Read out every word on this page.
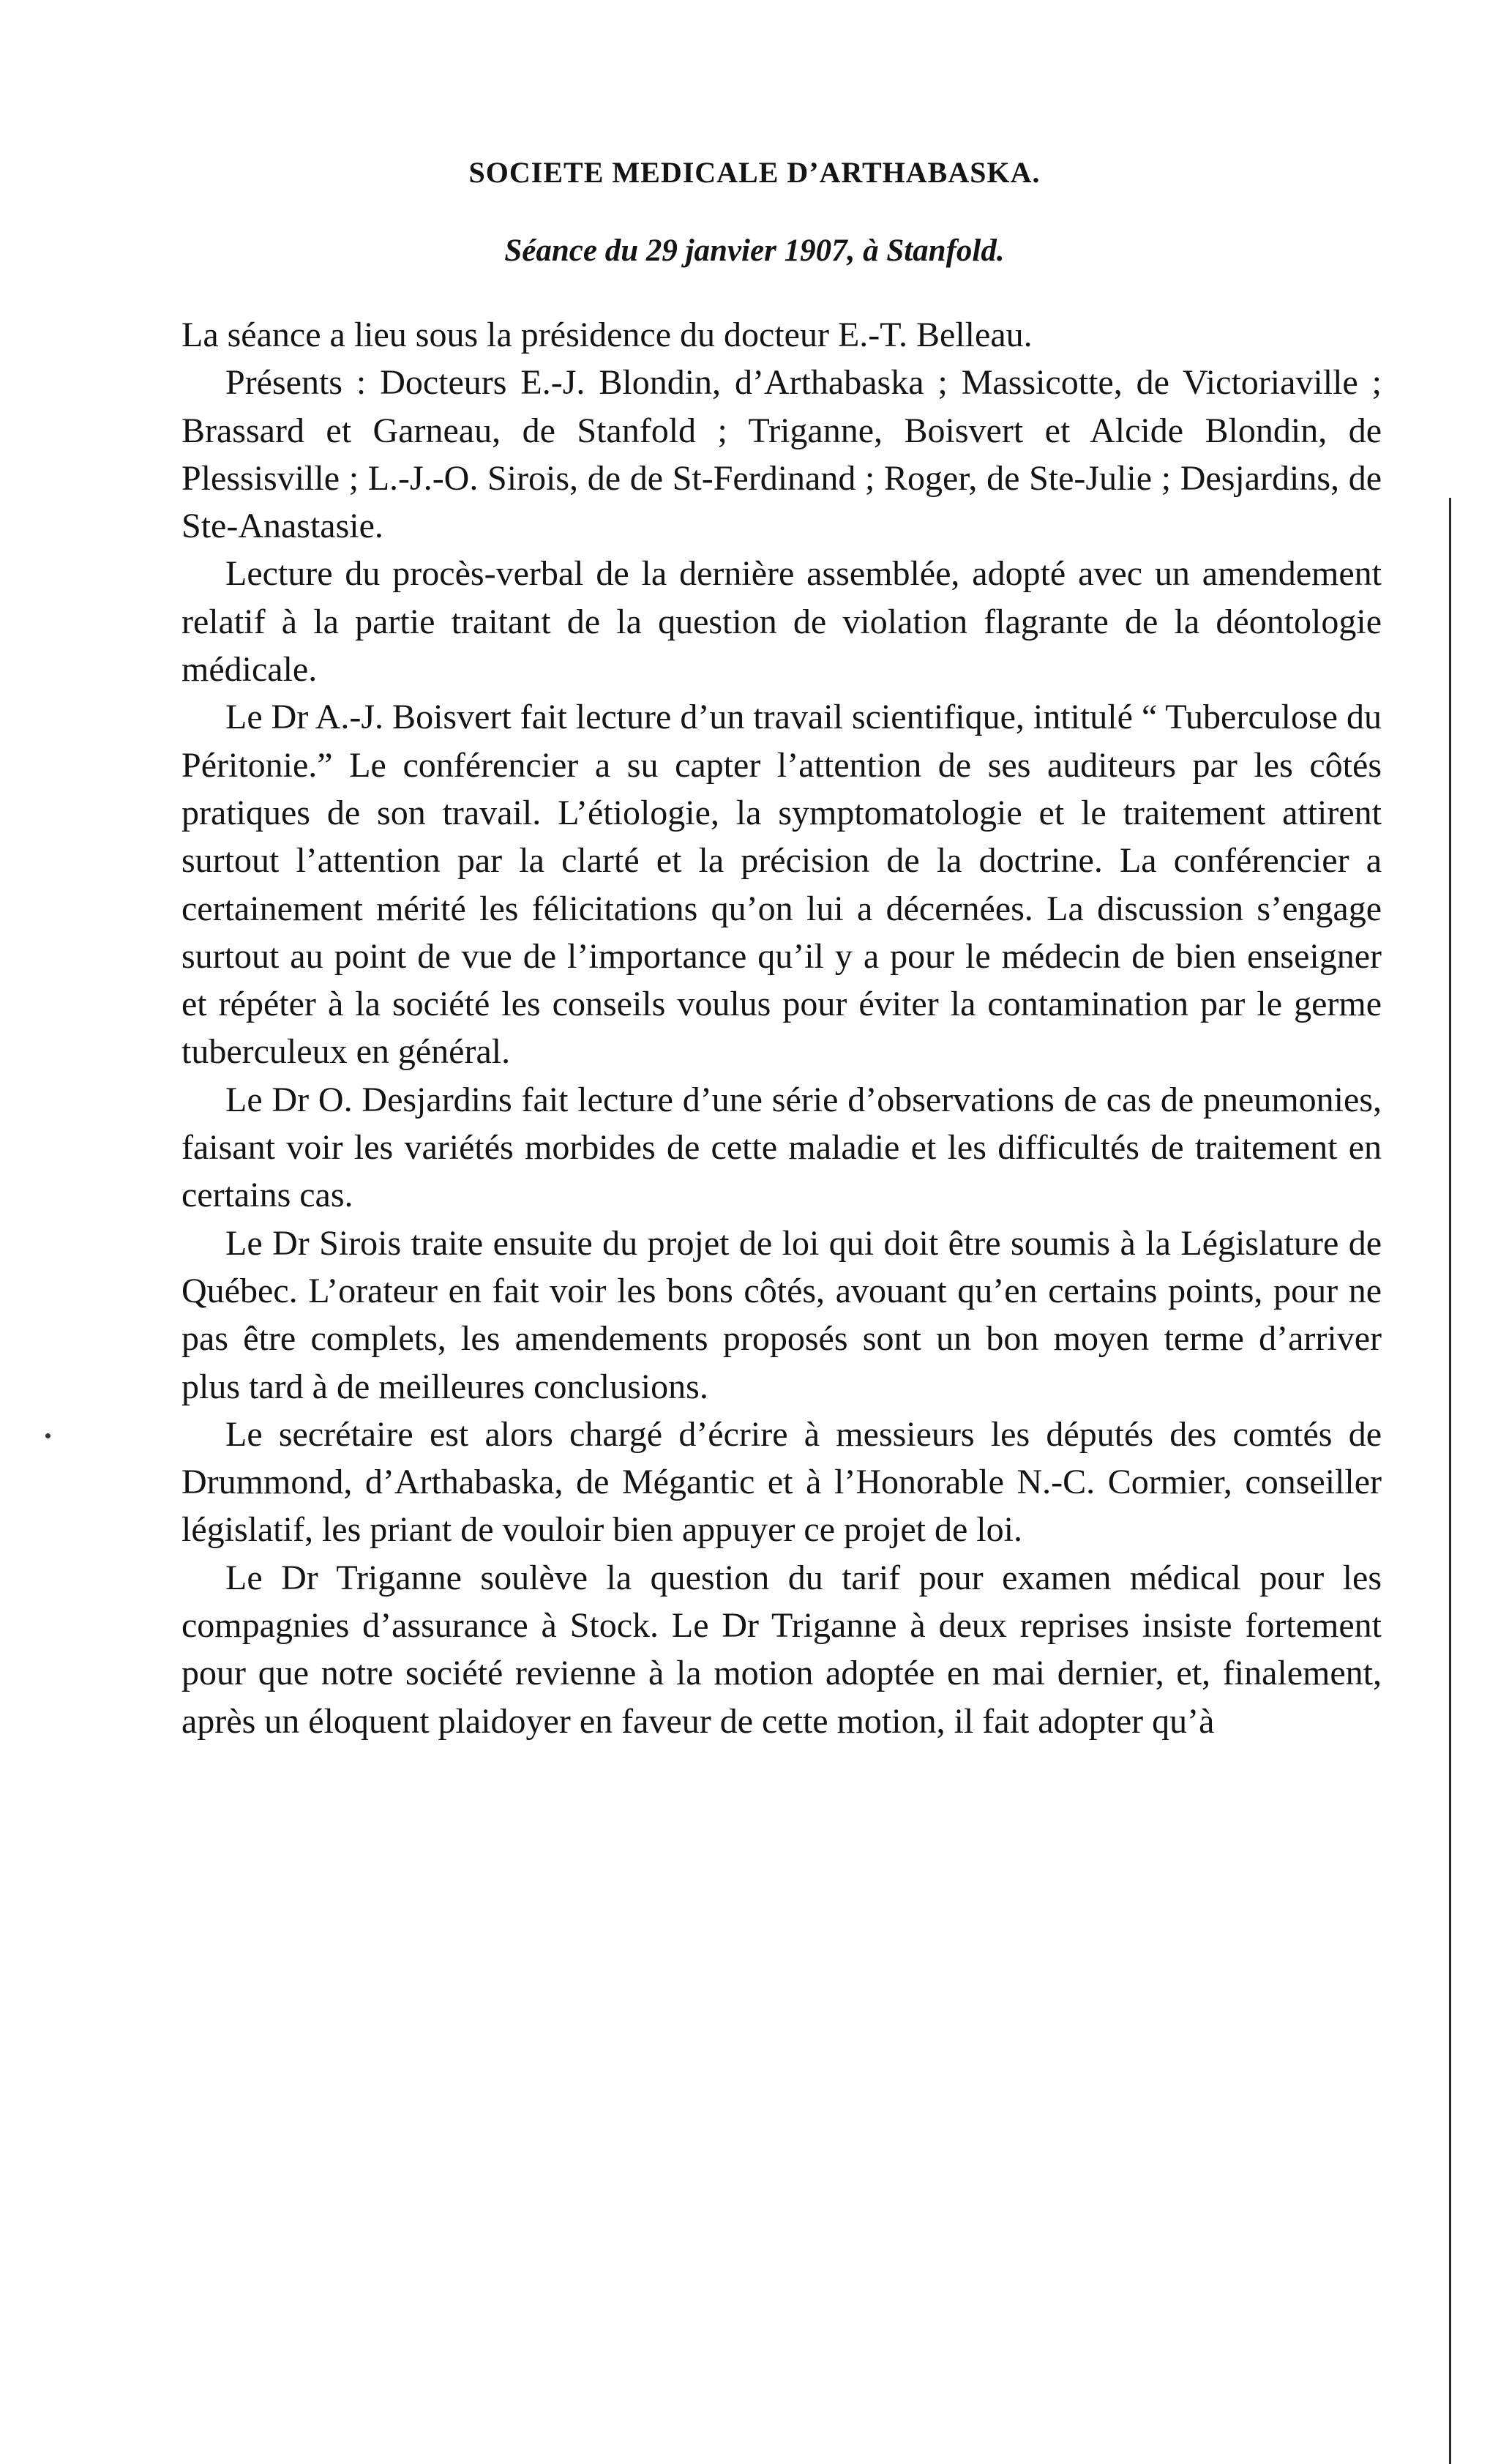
SOCIETE MEDICALE D’ARTHABASKA.
Séance du 29 janvier 1907, à Stanfold.

La séance a lieu sous la présidence du docteur E.-T. Belleau.

Présents : Docteurs E.-J. Blondin, d’Arthabaska ; Massicotte, de Victoriaville ; Brassard et Garneau, de Stanfold ; Triganne, Boisvert et Alcide Blondin, de Plessisville ; L.-J.-O. Sirois, de de St-Ferdinand ; Roger, de Ste-Julie ; Desjardins, de Ste-Anastasie.

Lecture du procès-verbal de la dernière assemblée, adopté avec un amendement relatif à la partie traitant de la question de violation flagrante de la déontologie médicale.

Le Dr A.-J. Boisvert fait lecture d’un travail scientifique, intitulé “ Tuberculose du Péritonie.” Le conférencier a su capter l’attention de ses auditeurs par les côtés pratiques de son travail. L’étiologie, la symptomatologie et le traitement attirent surtout l’attention par la clarté et la précision de la doctrine. La conférencier a certainement mérité les félicitations qu’on lui a décernées. La discussion s’engage surtout au point de vue de l’importance qu’il y a pour le médecin de bien enseigner et répéter à la société les conseils voulus pour éviter la contamination par le germe tuberculeux en général.

Le Dr O. Desjardins fait lecture d’une série d’observations de cas de pneumonies, faisant voir les variétés morbides de cette maladie et les difficultés de traitement en certains cas.

Le Dr Sirois traite ensuite du projet de loi qui doit être soumis à la Législature de Québec. L’orateur en fait voir les bons côtés, avouant qu’en certains points, pour ne pas être complets, les amendements proposés sont un bon moyen terme d’arriver plus tard à de meilleures conclusions.

Le secrétaire est alors chargé d’écrire à messieurs les députés des comtés de Drummond, d’Arthabaska, de Mégantic et à l’Honorable N.-C. Cormier, conseiller législatif, les priant de vouloir bien appuyer ce projet de loi.

Le Dr Triganne soulève la question du tarif pour examen médical pour les compagnies d’assurance à Stock. Le Dr Triganne à deux reprises insiste fortement pour que notre société revienne à la motion adoptée en mai dernier, et, finalement, après un éloquent plaidoyer en faveur de cette motion, il fait adopter qu’à
